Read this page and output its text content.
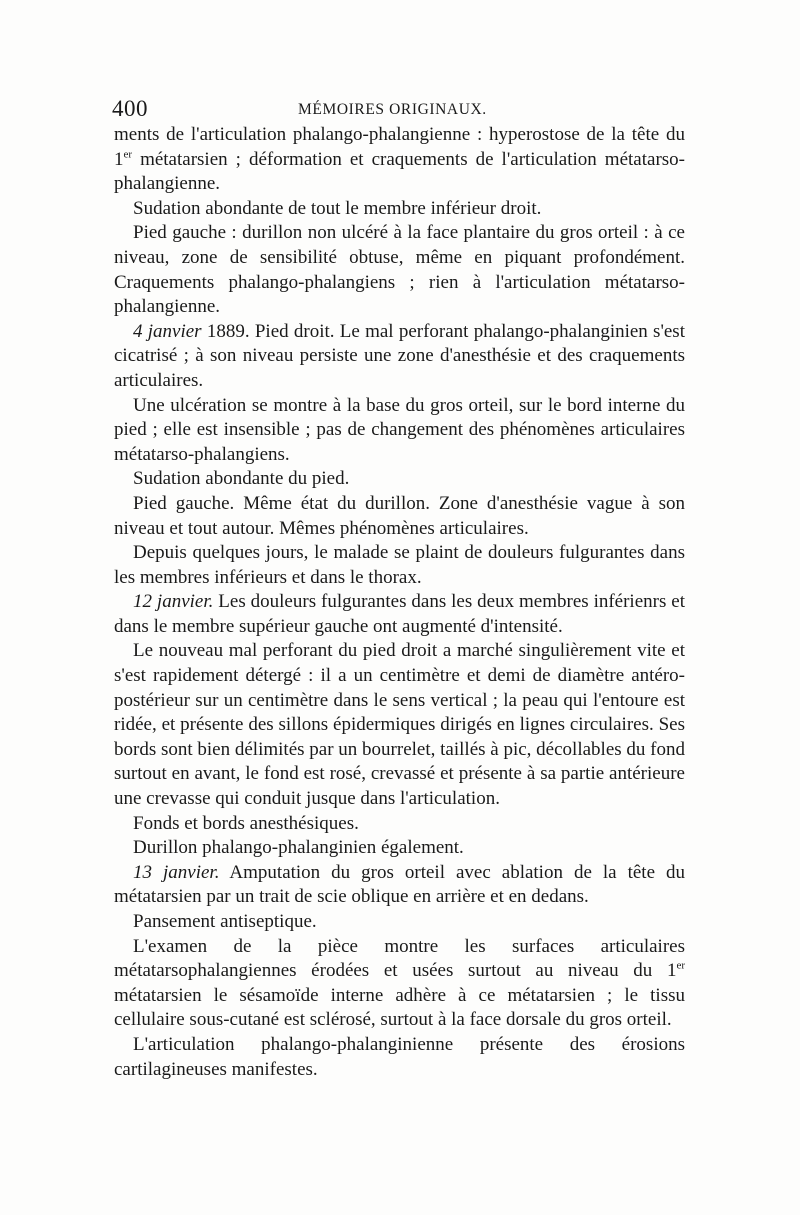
400	MÉMOIRES ORIGINAUX.

ments de l'articulation phalango-phalangienne : hyperostose de la tête du 1er métatarsien ; déformation et craquements de l'articulation métatarso-phalangienne.

Sudation abondante de tout le membre inférieur droit.

Pied gauche : durillon non ulcéré à la face plantaire du gros orteil : à ce niveau, zone de sensibilité obtuse, même en piquant profondément. Craquements phalango-phalangiens ; rien à l'articulation métatarso-phalangienne.

4 janvier 1889. Pied droit. Le mal perforant phalango-phalanginien s'est cicatrisé ; à son niveau persiste une zone d'anesthésie et des craquements articulaires.

Une ulcération se montre à la base du gros orteil, sur le bord interne du pied ; elle est insensible ; pas de changement des phénomènes articulaires métatarso-phalangiens.

Sudation abondante du pied.

Pied gauche. Même état du durillon. Zone d'anesthésie vague à son niveau et tout autour. Mêmes phénomènes articulaires.

Depuis quelques jours, le malade se plaint de douleurs fulgurantes dans les membres inférieurs et dans le thorax.

12 janvier. Les douleurs fulgurantes dans les deux membres inférienrs et dans le membre supérieur gauche ont augmenté d'intensité.

Le nouveau mal perforant du pied droit a marché singulièrement vite et s'est rapidement détergé : il a un centimètre et demi de diamètre antéro-postérieur sur un centimètre dans le sens vertical ; la peau qui l'entoure est ridée, et présente des sillons épidermiques dirigés en lignes circulaires. Ses bords sont bien délimités par un bourrelet, taillés à pic, décollables du fond surtout en avant, le fond est rosé, crevassé et présente à sa partie antérieure une crevasse qui conduit jusque dans l'articulation.

Fonds et bords anesthésiques.

Durillon phalango-phalanginien également.

13 janvier. Amputation du gros orteil avec ablation de la tête du métatarsien par un trait de scie oblique en arrière et en dedans.

Pansement antiseptique.

L'examen de la pièce montre les surfaces articulaires métatarsophalangiennes érodées et usées surtout au niveau du 1er métatarsien le sésamoïde interne adhère à ce métatarsien ; le tissu cellulaire sous-cutané est sclérosé, surtout à la face dorsale du gros orteil.

L'articulation phalango-phalanginienne présente des érosions cartilagineuses manifestes.
